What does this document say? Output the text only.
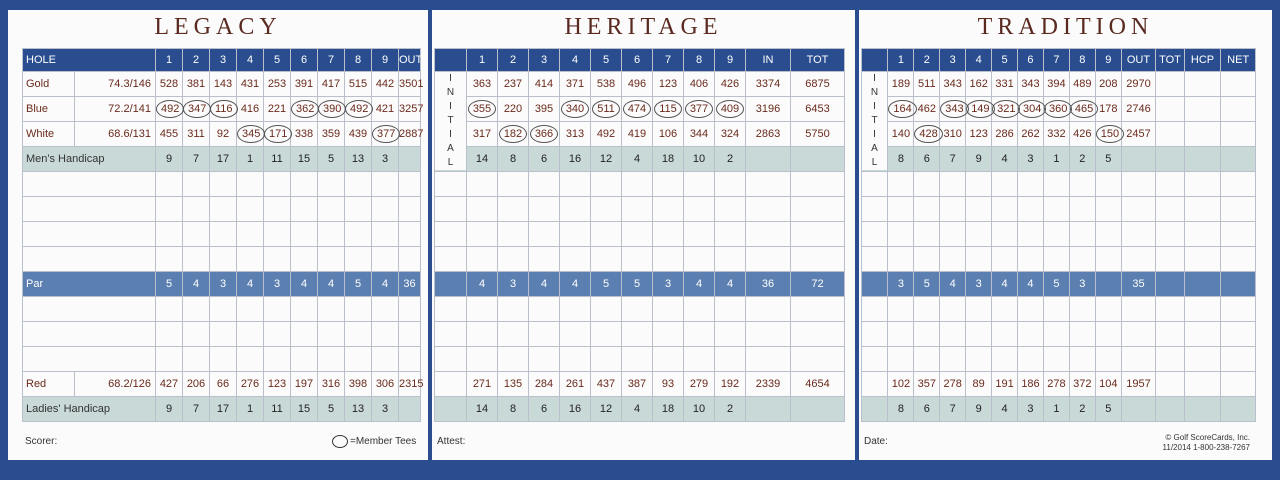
LEGACY	HERITAGE	TRADITION
HOLE		1	2	3	4	5	6	7	8	9	OUT
Gold	74.3/146	528	381	143	431	253	391	417	515	442	3501
Blue	72.2/141	492	347	116	416	221	362	390	492	421	3257
White	68.6/131	455	311	92	345	171	338	359	439	377	2887
Men's Handicap		9	7	17	1	11	15	5	13	3	

Par		5	4	3	4	3	4	4	5	4	36

Red	68.2/126	427	206	66	276	123	197	316	398	306	2315
Ladies' Handicap		9	7	17	1	11	15	5	13	3	
	1	2	3	4	5	6	7	8	9	IN	TOT
	363	237	414	371	538	496	123	406	426	3374	6875
	355	220	395	340	511	474	115	377	409	3196	6453
	317	182	366	313	492	419	106	344	324	2863	5750
	14	8	6	16	12	4	18	10	2		

	4	3	4	4	5	5	3	4	4	36	72

	271	135	284	261	437	387	93	279	192	2339	4654
	14	8	6	16	12	4	18	10	2		
I
N
I
T
I
A
L
	1	2	3	4	5	6	7	8	9	OUT	TOT	HCP	NET
	189	511	343	162	331	343	394	489	208	2970			
	164	462	343	149	321	304	360	465	178	2746			
	140	428	310	123	286	262	332	426	150	2457			
	8	6	7	9	4	3	1	2	5				

	3	5	4	3	4	4	5	3		35			

	102	357	278	89	191	186	278	372	104	1957			
	8	6	7	9	4	3	1	2	5				
I
N
I
T
I
A
L
Scorer:	=Member Tees Attest:	Date:	© Golf ScoreCards, Inc.
11/2014 1-800-238-7267
